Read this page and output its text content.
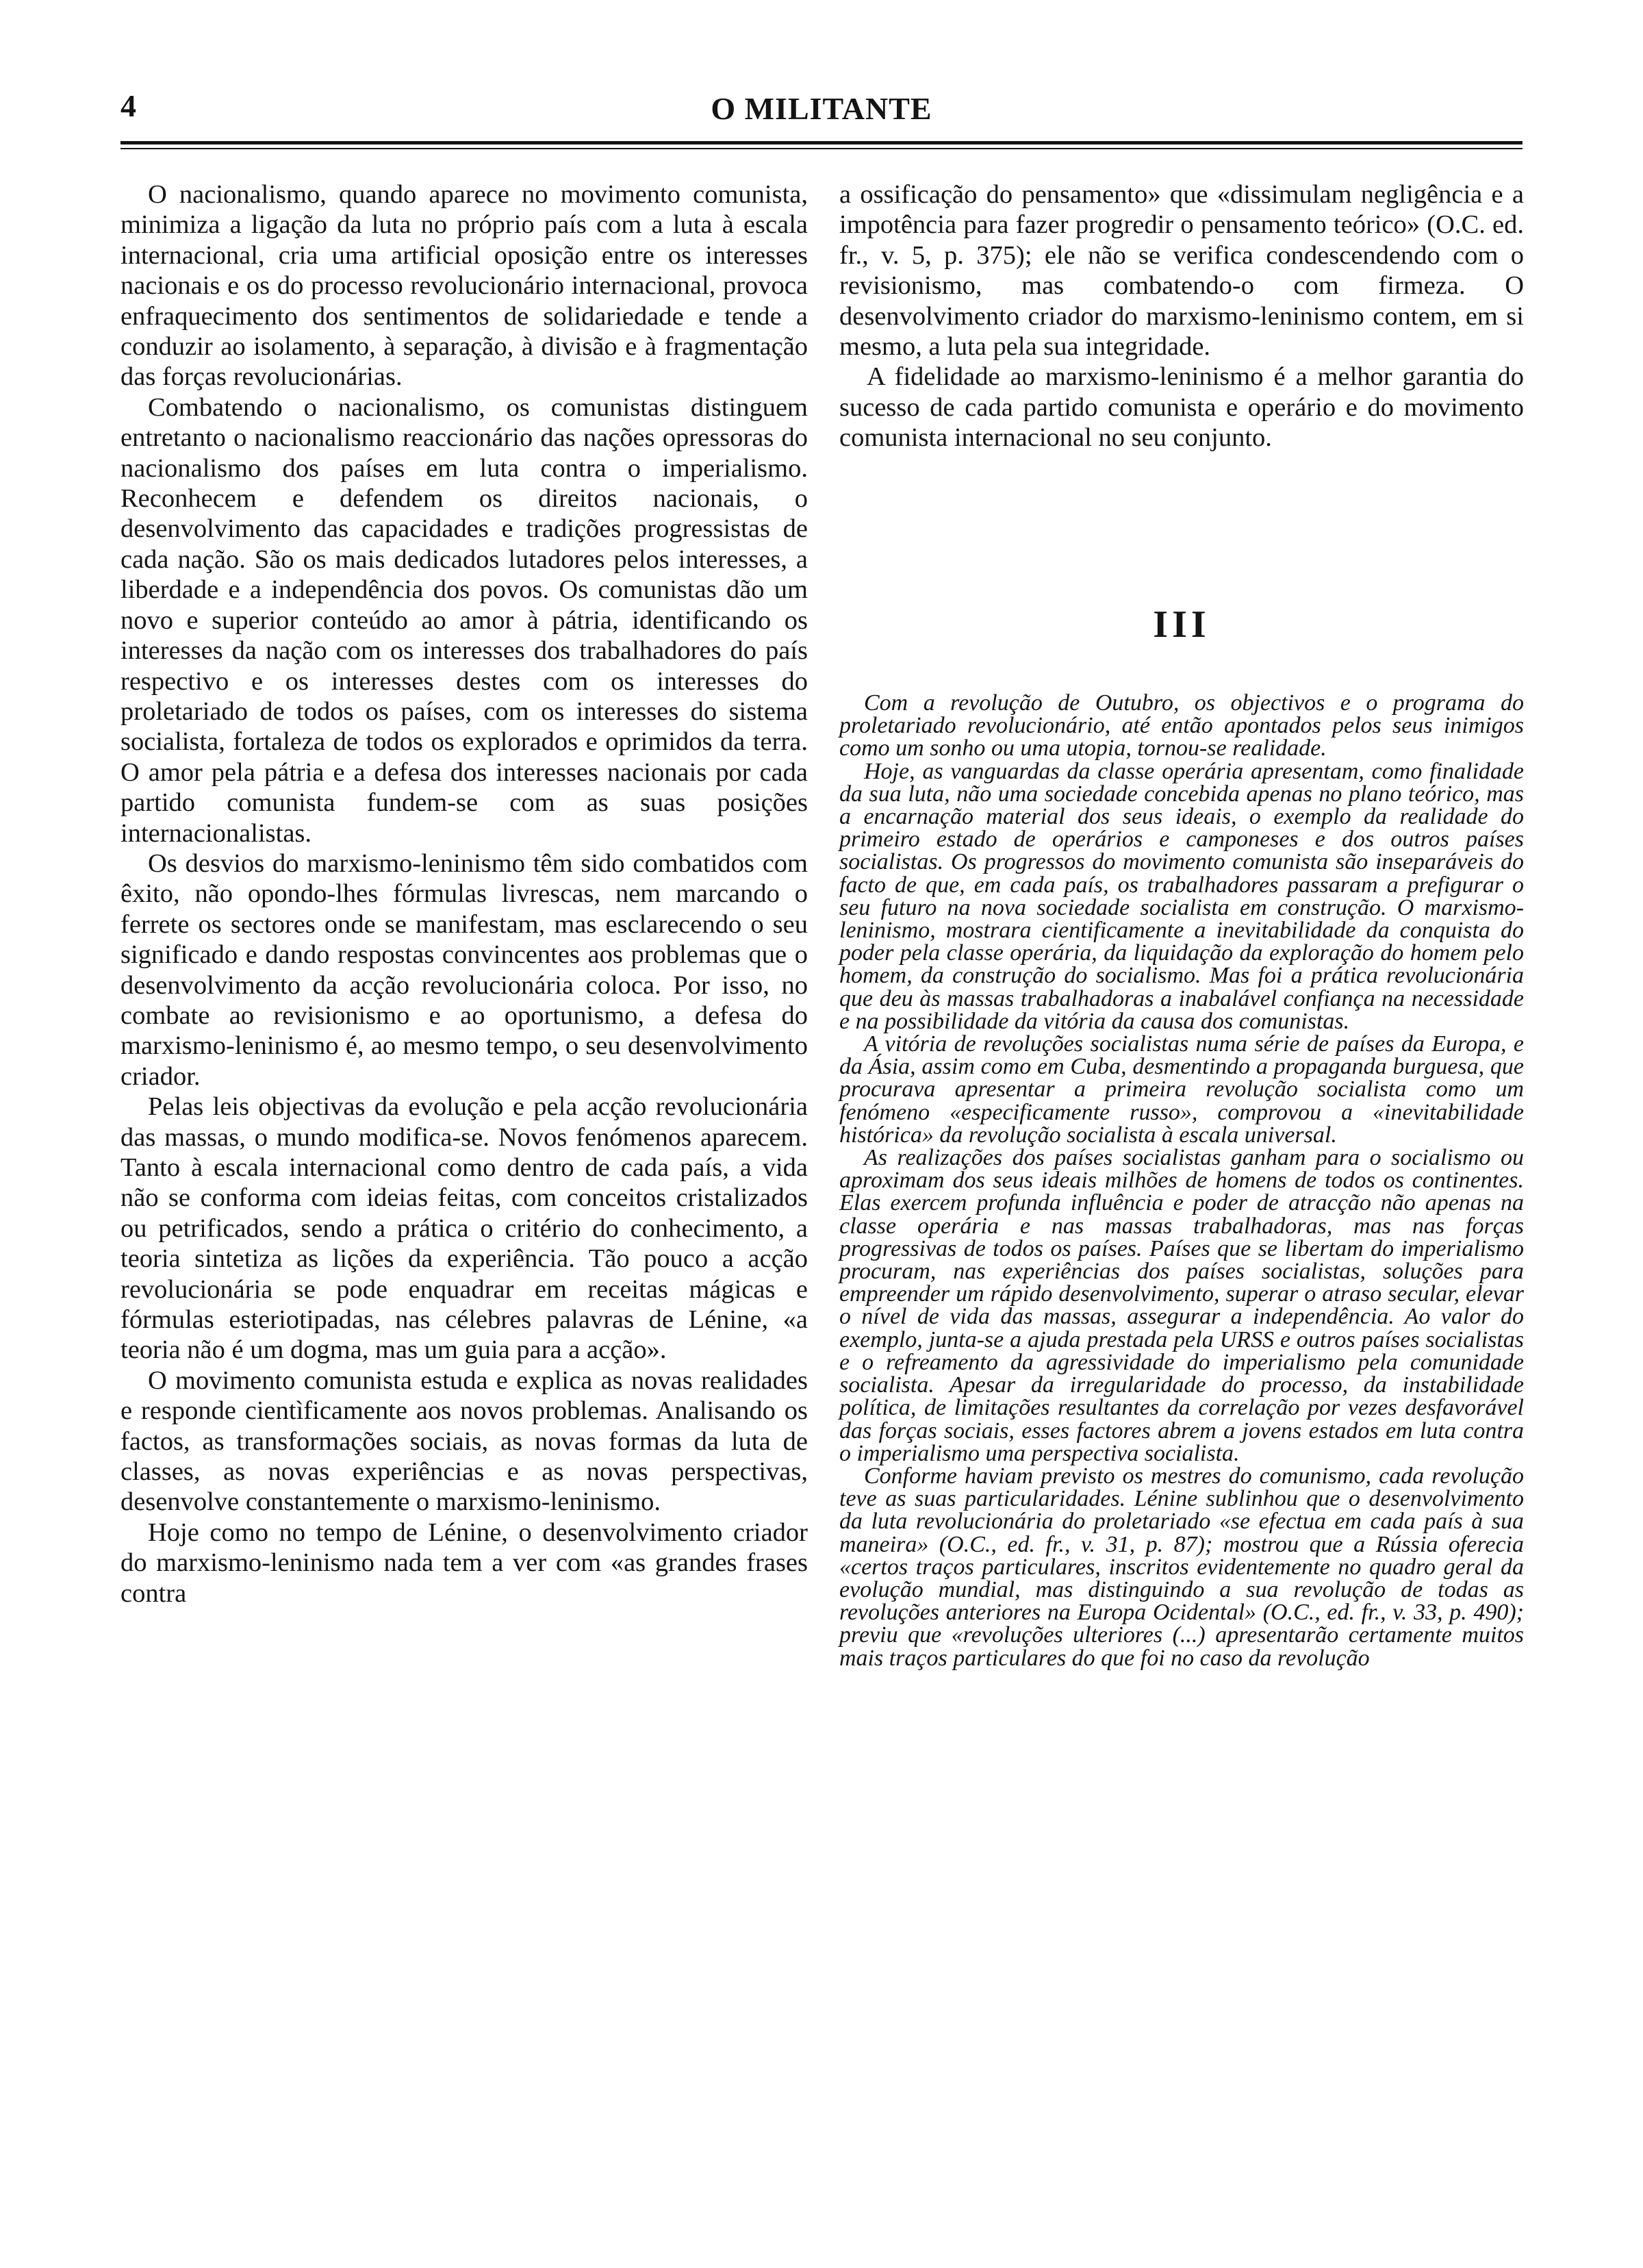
4	O MILITANTE

O nacionalismo, quando aparece no movimento comunista, minimiza a ligação da luta no próprio país com a luta à escala internacional, cria uma artificial oposição entre os interesses nacionais e os do processo revolucionário internacional, provoca enfraquecimento dos sentimentos de solidariedade e tende a conduzir ao isolamento, à separação, à divisão e à fragmentação das forças revolucionárias.

Combatendo o nacionalismo, os comunistas distinguem entretanto o nacionalismo reaccionário das nações opressoras do nacionalismo dos países em luta contra o imperialismo. Reconhecem e defendem os direitos nacionais, o desenvolvimento das capacidades e tradições progressistas de cada nação. São os mais dedicados lutadores pelos interesses, a liberdade e a independência dos povos. Os comunistas dão um novo e superior conteúdo ao amor à pátria, identificando os interesses da nação com os interesses dos trabalhadores do país respectivo e os interesses destes com os interesses do proletariado de todos os países, com os interesses do sistema socialista, fortaleza de todos os explorados e oprimidos da terra. O amor pela pátria e a defesa dos interesses nacionais por cada partido comunista fundem-se com as suas posições internacionalistas.

Os desvios do marxismo-leninismo têm sido combatidos com êxito, não opondo-lhes fórmulas livrescas, nem marcando o ferrete os sectores onde se manifestam, mas esclarecendo o seu significado e dando respostas convincentes aos problemas que o desenvolvimento da acção revolucionária coloca. Por isso, no combate ao revisionismo e ao oportunismo, a defesa do marxismo-leninismo é, ao mesmo tempo, o seu desenvolvimento criador.

Pelas leis objectivas da evolução e pela acção revolucionária das massas, o mundo modifica-se. Novos fenómenos aparecem. Tanto à escala internacional como dentro de cada país, a vida não se conforma com ideias feitas, com conceitos cristalizados ou petrificados, sendo a prática o critério do conhecimento, a teoria sintetiza as lições da experiência. Tão pouco a acção revolucionária se pode enquadrar em receitas mágicas e fórmulas esteriotipadas, nas célebres palavras de Lénine, «a teoria não é um dogma, mas um guia para a acção».

O movimento comunista estuda e explica as novas realidades e responde cientìficamente aos novos problemas. Analisando os factos, as transformações sociais, as novas formas da luta de classes, as novas experiências e as novas perspectivas, desenvolve constantemente o marxismo-leninismo.

Hoje como no tempo de Lénine, o desenvolvimento criador do marxismo-leninismo nada tem a ver com «as grandes frases contra

a ossificação do pensamento» que «dissimulam negligência e a impotência para fazer progredir o pensamento teórico» (O.C. ed. fr., v. 5, p. 375); ele não se verifica condescendendo com o revisionismo, mas combatendo-o com firmeza. O desenvolvimento criador do marxismo-leninismo contem, em si mesmo, a luta pela sua integridade.

A fidelidade ao marxismo-leninismo é a melhor garantia do sucesso de cada partido comunista e operário e do movimento comunista internacional no seu conjunto.

III

Com a revolução de Outubro, os objectivos e o programa do proletariado revolucionário, até então apontados pelos seus inimigos como um sonho ou uma utopia, tornou-se realidade.

Hoje, as vanguardas da classe operária apresentam, como finalidade da sua luta, não uma sociedade concebida apenas no plano teórico, mas a encarnação material dos seus ideais, o exemplo da realidade do primeiro estado de operários e camponeses e dos outros países socialistas. Os progressos do movimento comunista são inseparáveis do facto de que, em cada país, os trabalhadores passaram a prefigurar o seu futuro na nova sociedade socialista em construção. O marxismo-leninismo, mostrara cientificamente a inevitabilidade da conquista do poder pela classe operária, da liquidação da exploração do homem pelo homem, da construção do socialismo. Mas foi a prática revolucionária que deu às massas trabalhadoras a inabalável confiança na necessidade e na possibilidade da vitória da causa dos comunistas.

A vitória de revoluções socialistas numa série de países da Europa, e da Ásia, assim como em Cuba, desmentindo a propaganda burguesa, que procurava apresentar a primeira revolução socialista como um fenómeno «especificamente russo», comprovou a «inevitabilidade histórica» da revolução socialista à escala universal.

As realizações dos países socialistas ganham para o socialismo ou aproximam dos seus ideais milhões de homens de todos os continentes. Elas exercem profunda influência e poder de atracção não apenas na classe operária e nas massas trabalhadoras, mas nas forças progressivas de todos os países. Países que se libertam do imperialismo procuram, nas experiências dos países socialistas, soluções para empreender um rápido desenvolvimento, superar o atraso secular, elevar o nível de vida das massas, assegurar a independência. Ao valor do exemplo, junta-se a ajuda prestada pela URSS e outros países socialistas e o refreamento da agressividade do imperialismo pela comunidade socialista. Apesar da irregularidade do processo, da instabilidade política, de limitações resultantes da correlação por vezes desfavorável das forças sociais, esses factores abrem a jovens estados em luta contra o imperialismo uma perspectiva socialista.

Conforme haviam previsto os mestres do comunismo, cada revolução teve as suas particularidades. Lénine sublinhou que o desenvolvimento da luta revolucionária do proletariado «se efectua em cada país à sua maneira» (O.C., ed. fr., v. 31, p. 87); mostrou que a Rússia oferecia «certos traços particulares, inscritos evidentemente no quadro geral da evolução mundial, mas distinguindo a sua revolução de todas as revoluções anteriores na Europa Ocidental» (O.C., ed. fr., v. 33, p. 490); previu que «revoluções ulteriores (...) apresentarão certamente muitos mais traços particulares do que foi no caso da revolução
